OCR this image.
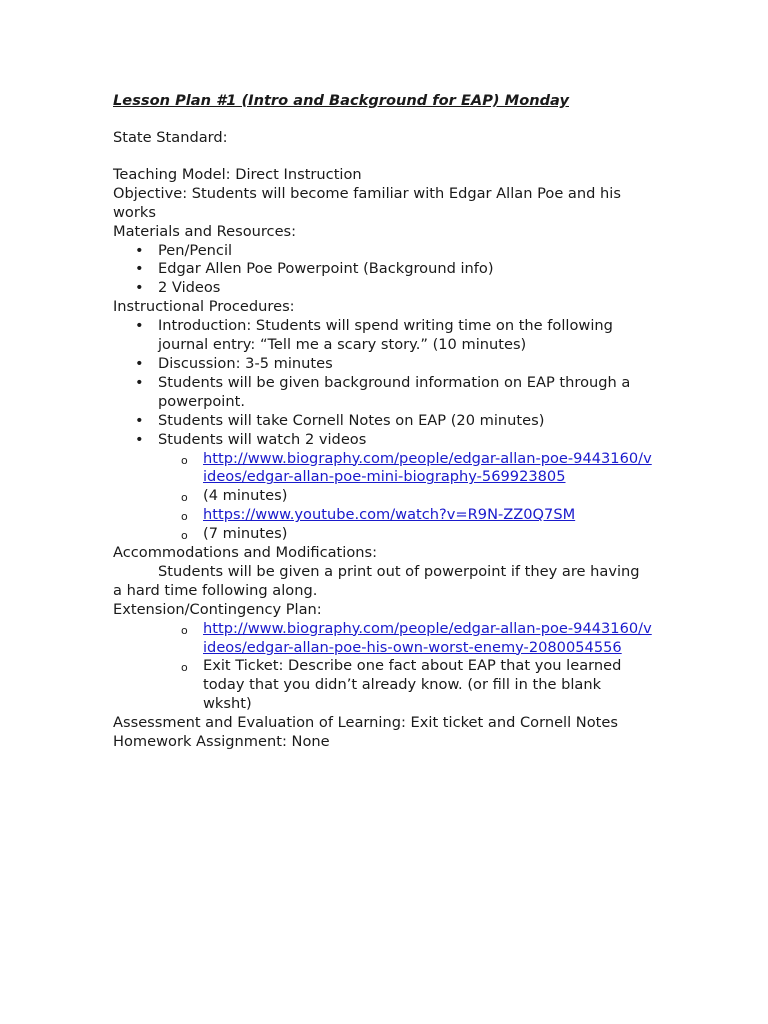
Lesson Plan #1 (Intro and Background for EAP) Monday

State Standard:

Teaching Model: Direct Instruction

Objective: Students will become familiar with Edgar Allan Poe and his works

Materials and Resources:

• Pen/Pencil
• Edgar Allen Poe Powerpoint (Background info)
• 2 Videos

Instructional Procedures:

• Introduction: Students will spend writing time on the following journal entry: “Tell me a scary story.” (10 minutes)
• Discussion: 3-5 minutes
• Students will be given background information on EAP through a powerpoint.
• Students will take Cornell Notes on EAP (20 minutes)
• Students will watch 2 videos
o http://www.biography.com/people/edgar-allan-poe-9443160/videos/edgar-allan-poe-mini-biography-569923805
o (4 minutes)
o https://www.youtube.com/watch?v=R9N-ZZ0Q7SM
o (7 minutes)

Accommodations and Modifications:

Students will be given a print out of powerpoint if they are having a hard time following along.

Extension/Contingency Plan:

o http://www.biography.com/people/edgar-allan-poe-9443160/videos/edgar-allan-poe-his-own-worst-enemy-2080054556
o Exit Ticket: Describe one fact about EAP that you learned today that you didn’t already know. (or fill in the blank wksht)

Assessment and Evaluation of Learning: Exit ticket and Cornell Notes

Homework Assignment: None
